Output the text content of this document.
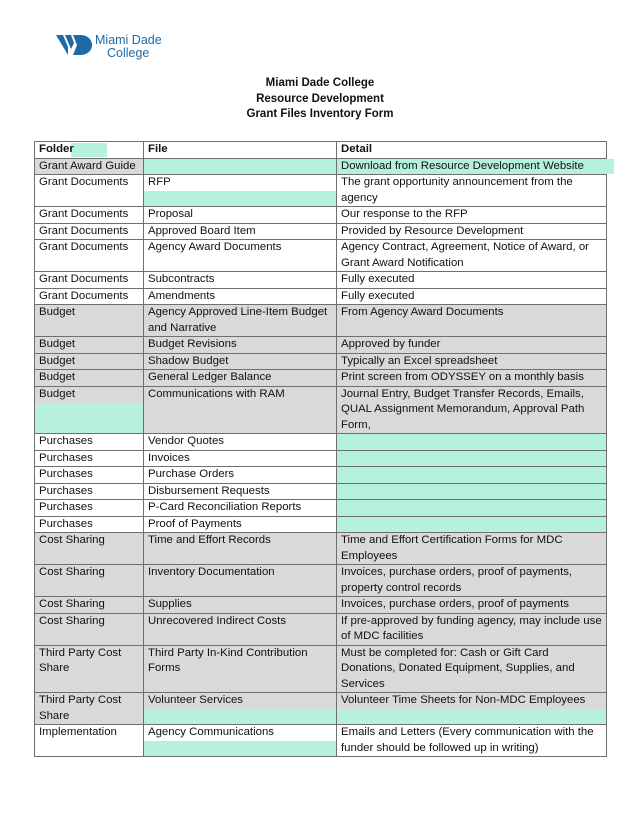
Miami Dade
College
Miami Dade College
Resource Development
Grant Files Inventory Form
Folder	File	Detail
Grant Award Guide		Download from Resource Development Website
Grant Documents	RFP	The grant opportunity announcement from the agency
Grant Documents	Proposal	Our response to the RFP
Grant Documents	Approved Board Item	Provided by Resource Development
Grant Documents	Agency Award Documents	Agency Contract, Agreement, Notice of Award, or Grant Award Notification
Grant Documents	Subcontracts	Fully executed
Grant Documents	Amendments	Fully executed
Budget	Agency Approved Line-Item Budget and Narrative	From Agency Award Documents
Budget	Budget Revisions	Approved by funder
Budget	Shadow Budget	Typically an Excel spreadsheet
Budget	General Ledger Balance	Print screen from ODYSSEY on a monthly basis

Budget	Communications with RAM	Journal Entry, Budget Transfer Records, Emails, QUAL Assignment Memorandum, Approval Path Form,
Purchases	Vendor Quotes	

Purchases	Invoices	

Purchases	Purchase Orders	

Purchases	Disbursement Requests	

Purchases	P-Card Reconciliation Reports	

Purchases	Proof of Payments	

Cost Sharing	Time and Effort Records	Time and Effort Certification Forms for MDC Employees
Cost Sharing	Inventory Documentation	Invoices, purchase orders, proof of payments, property control records
Cost Sharing	Supplies	Invoices, purchase orders, proof of payments
Cost Sharing	Unrecovered Indirect Costs	If pre-approved by funding agency, may include use of MDC facilities
Third Party Cost Share	Third Party In-Kind Contribution Forms	Must be completed for: Cash or Gift Card Donations, Donated Equipment, Supplies, and Services
Third Party Cost Share	Volunteer Services	Volunteer Time Sheets for Non-MDC Employees
Implementation	Agency Communications	Emails and Letters (Every communication with the funder should be followed up in writing)
